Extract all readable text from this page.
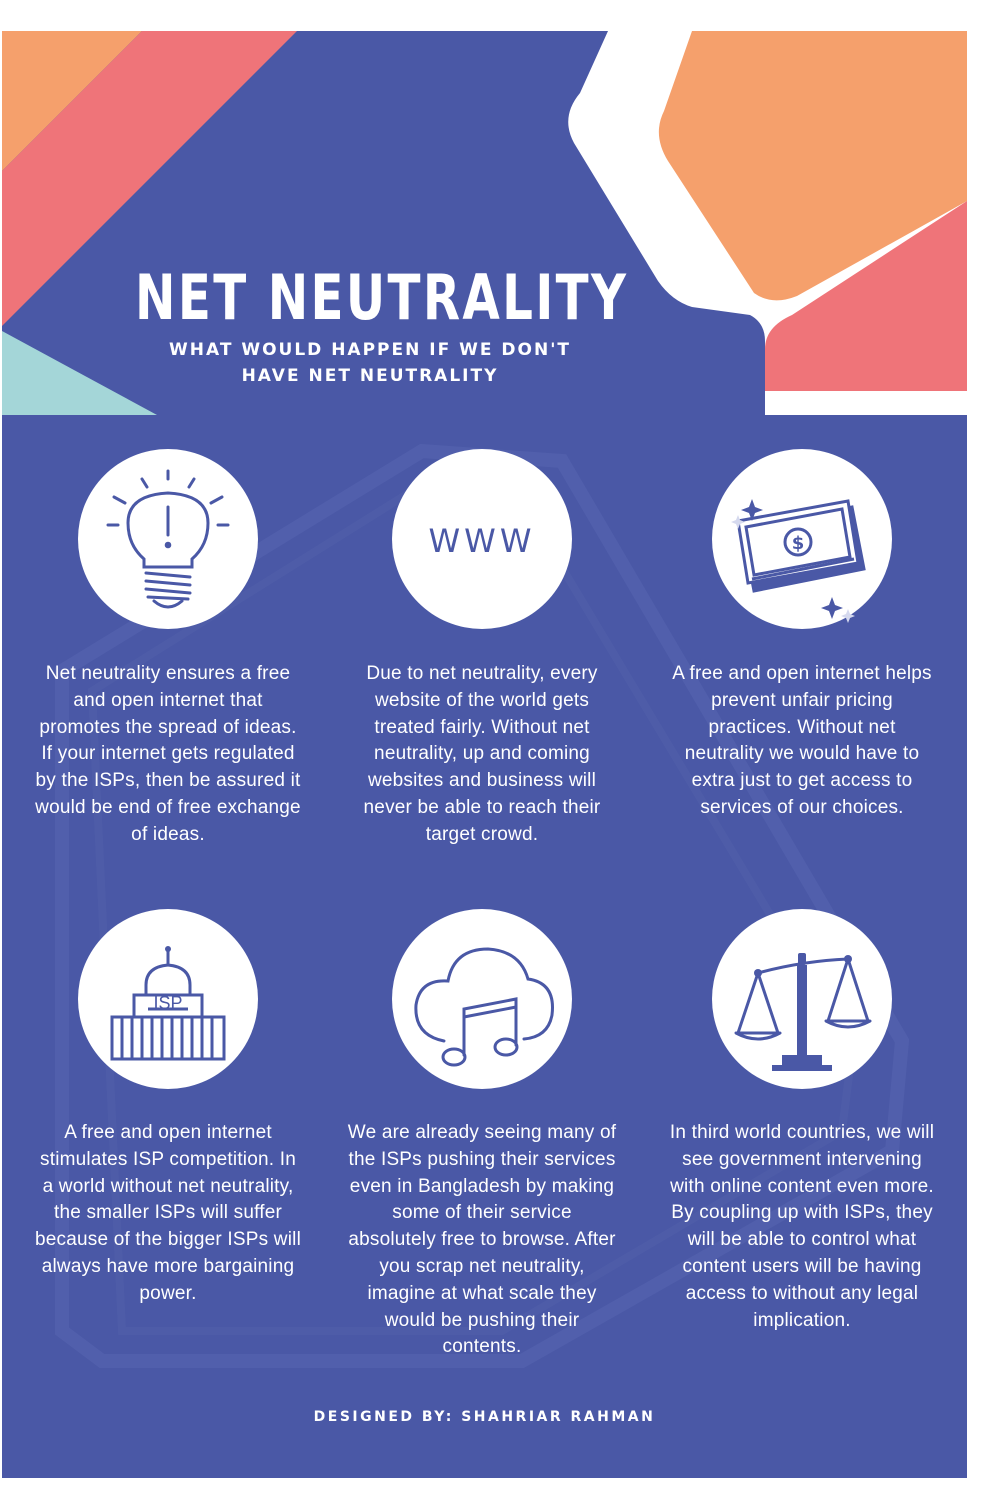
NET NEUTRALITY
WHAT WOULD HAPPEN IF WE DON'T HAVE NET NEUTRALITY
Net neutrality ensures a free and open internet that promotes the spread of ideas. If your internet gets regulated by the ISPs, then be assured it would be end of free exchange of ideas.
WWW
Due to net neutrality, every website of the world gets treated fairly. Without net neutrality, up and coming websites and business will never be able to reach their target crowd.
$
A free and open internet helps prevent unfair pricing practices. Without net neutrality we would have to extra just to get access to services of our choices.
ISP
A free and open internet stimulates ISP competition. In a world without net neutrality, the smaller ISPs will suffer because of the bigger ISPs will always have more bargaining power.
We are already seeing many of the ISPs pushing their services even in Bangladesh by making some of their service absolutely free to browse. After you scrap net neutrality, imagine at what scale they would be pushing their contents.
In third world countries, we will see government intervening with online content even more. By coupling up with ISPs, they will be able to control what content users will be having access to without any legal implication.
DESIGNED BY: SHAHRIAR RAHMAN
